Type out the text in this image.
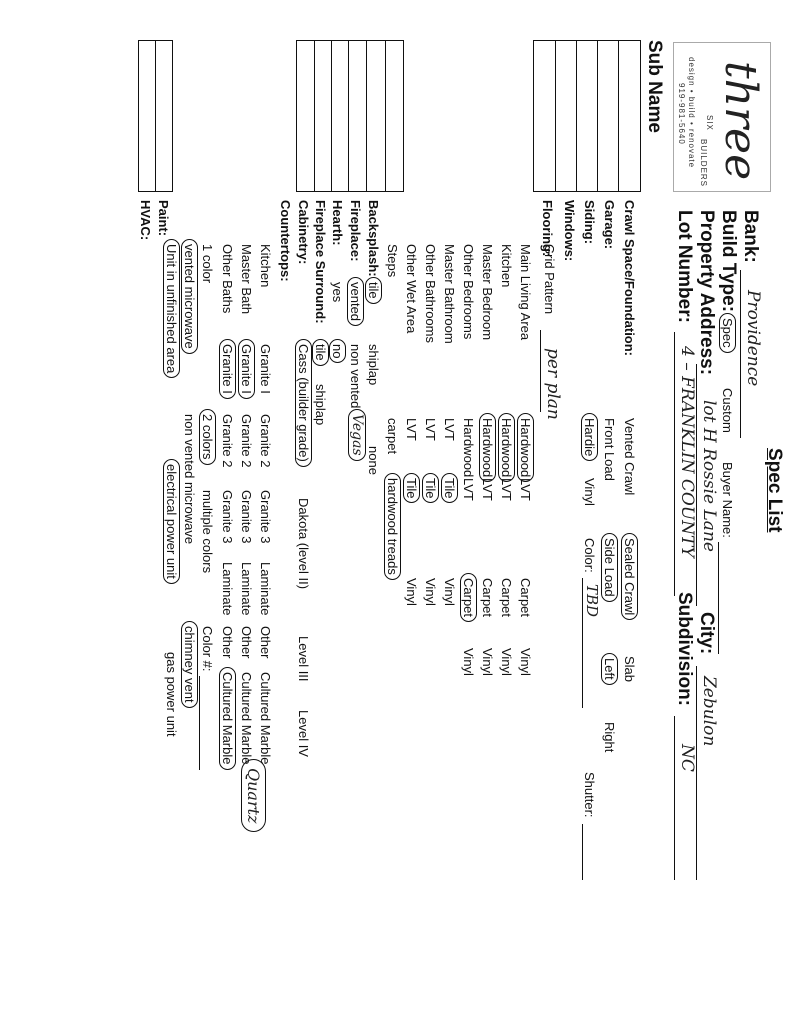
three
SIX
BUILDERS
design • build • renovate
919-981-5640
Spec List
Bank:
Providence
Build Type:
Spec
Custom
Buyer Name:
Property Address:
lot H Rossie Lane
City:
Zebulon
Lot Number:
4 – FRANKLIN COUNTY
Subdivision:
NC
Sub Name
Crawl Space/Foundation:
Vented Crawl
Sealed Crawl
Slab
Garage:
Front Load
Side Load
Left
Right
Siding:
Hardie
Vinyl
Color:
TBD
Shutter:
Windows:
Grid Pattern
per plan
Flooring:
Main Living Area
Hardwood
LVT
Carpet
Vinyl
Kitchen
Hardwood
LVT
Carpet
Vinyl
Master Bedroom
Hardwood
LVT
Carpet
Vinyl
Other Bedrooms
Hardwood
LVT
Carpet
Vinyl
Master Bathroom
LVT
Tile
Vinyl
Other Bathrooms
LVT
Tile
Vinyl
Other Wet Area
LVT
Tile
Vinyl
Steps
carpet
hardwood treads
Backsplash:
tile
shiplap
none
Fireplace:
vented
non vented
Vegas
Hearth:
yes
no
Fireplace Surround:
tile
shiplap
Cabinetry:
Cass (builder grade)
Dakota (level II)
Level III
Level IV
Countertops:
Kitchen
Granite I
Granite 2
Granite 3
Laminate
Other
Cultured Marble
Master Bath
Granite I
Granite 2
Granite 3
Laminate
Other
Cultured Marble
Other Baths
Granite I
Granite 2
Granite 3
Laminate
Other
Cultured Marble
Quartz
Paint:
1 color
2 colors
multiple colors
Color #:
HVAC:
vented microwave
non vented microwave
chimney vent
Unit in unfinished area
electrical power unit
gas power unit
